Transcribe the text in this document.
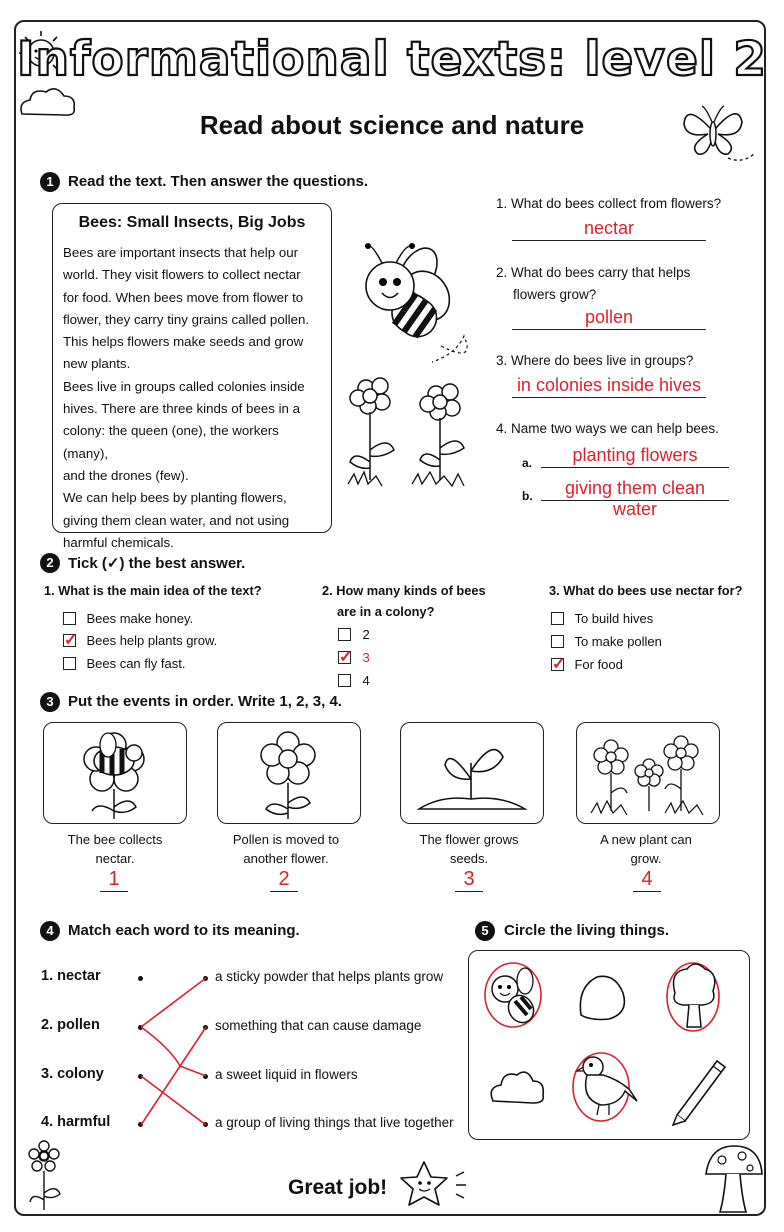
Informational texts: level 2
Read about science and nature
1 Read the text. Then answer the questions.
Bees: Small Insects, Big Jobs
Bees are important insects that help our
world. They visit flowers to collect nectar
for food. When bees move from flower to
flower, they carry tiny grains called pollen.
This helps flowers make seeds and grow
new plants.
Bees live in groups called colonies inside
hives. There are three kinds of bees in a
colony: the queen (one), the workers (many),
and the drones (few).
We can help bees by planting flowers,
giving them clean water, and not using
harmful chemicals.
1. What do bees collect from flowers?
nectar
2. What do bees carry that helps
flowers grow?
pollen
3. Where do bees live in groups?
in colonies inside hives
4. Name two ways we can help bees.
a.	planting flowers
b.	giving them clean water
2 Tick (✓) the best answer.
1. What is the main idea of the text?
Bees make honey.
✓ Bees help plants grow.
Bees can fly fast.
2. How many kinds of bees
are in a colony?
2
✓ 3
4
3. What do bees use nectar for?
To build hives
To make pollen
✓ For food
3 Put the events in order. Write 1, 2, 3, 4.
The bee collects
nectar.
Pollen is moved to
another flower.
The flower grows
seeds.
A new plant can
grow.
1	2	3	4
4 Match each word to its meaning.
1. nectar
2. pollen
3. colony
4. harmful
a sticky powder that helps plants grow
something that can cause damage
a sweet liquid in flowers
a group of living things that live together
5	Circle the living things.
Great job!
